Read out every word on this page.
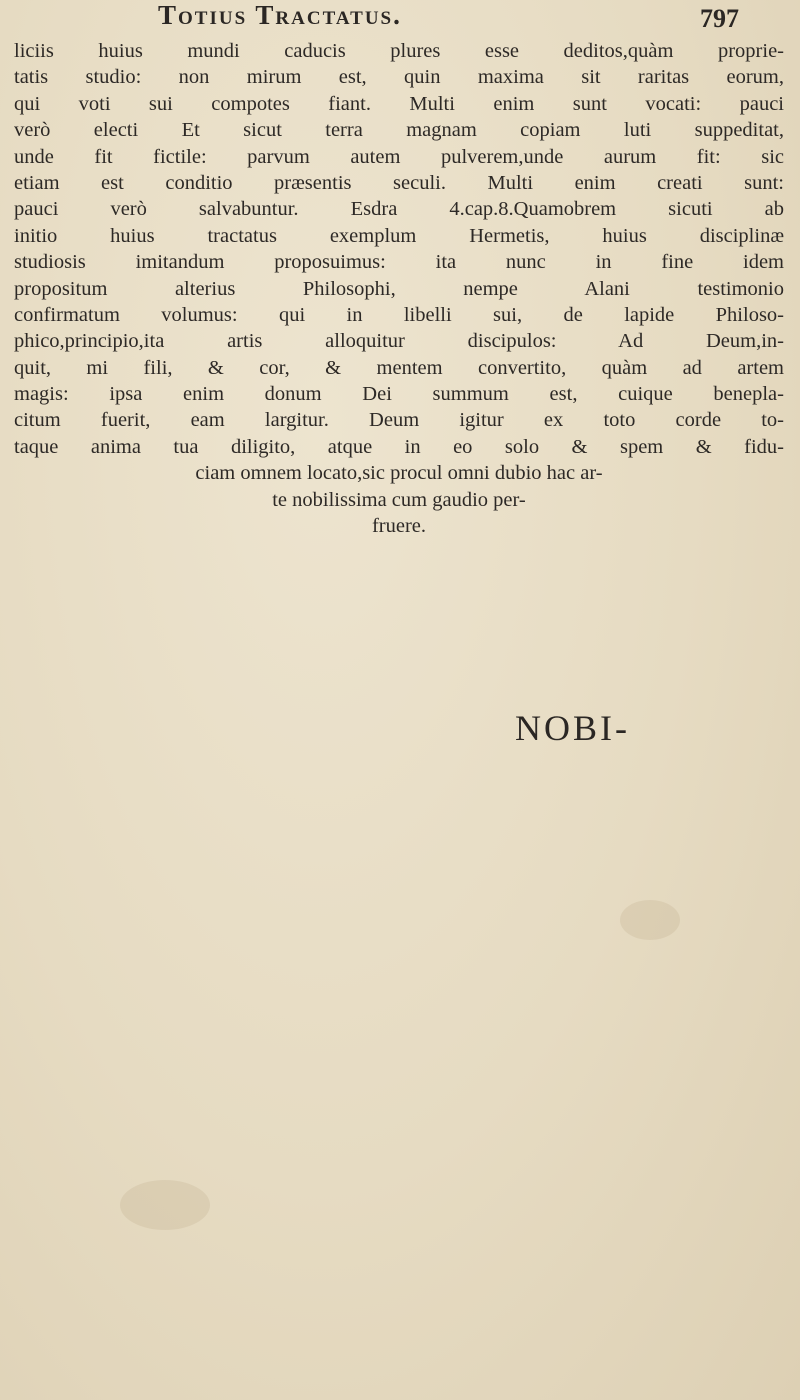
Totius Tractatus.	797
liciis huius mundi caducis plures esse deditos,quàm proprie-
tatis studio: non mirum est, quin maxima sit raritas eorum,
qui voti sui compotes fiant. Multi enim sunt vocati: pauci
verò electi Et sicut terra magnam copiam luti suppeditat,
unde fit fictile: parvum autem pulverem,unde aurum fit: sic
etiam est conditio præsentis seculi. Multi enim creati sunt:
pauci verò salvabuntur. Esdra 4.cap.8.Quamobrem sicuti ab
initio huius tractatus exemplum Hermetis, huius disciplinæ
studiosis imitandum proposuimus: ita nunc in fine idem
propositum alterius Philosophi, nempe Alani testimonio
confirmatum volumus: qui in libelli sui, de lapide Philoso-
phico,principio,ita artis alloquitur discipulos: Ad Deum,in-
quit, mi fili, & cor, & mentem convertito, quàm ad artem
magis: ipsa enim donum Dei summum est, cuique benepla-
citum fuerit, eam largitur. Deum igitur ex toto corde to-
taque anima tua diligito, atque in eo solo & spem & fidu-
ciam omnem locato,sic procul omni dubio hac ar-
te nobilissima cum gaudio per-
fruere.
NOBI-
